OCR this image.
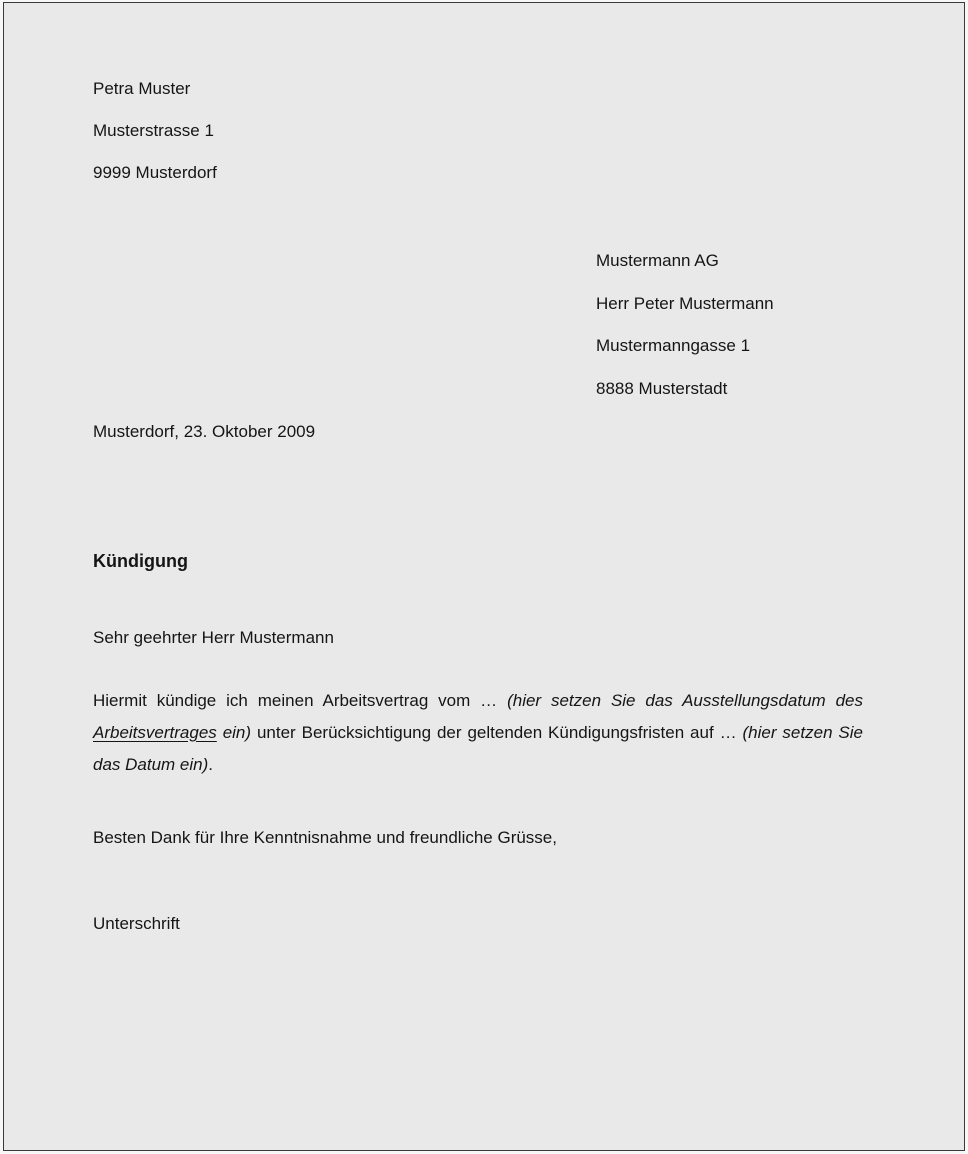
Petra Muster

Musterstrasse 1

9999 Musterdorf

Mustermann AG

Herr Peter Mustermann

Mustermanngasse 1

8888 Musterstadt

Musterdorf, 23. Oktober 2009
Kündigung
Sehr geehrter Herr Mustermann

Hiermit kündige ich meinen Arbeitsvertrag vom … (hier setzen Sie das Ausstellungsdatum des Arbeitsvertrages ein) unter Berücksichtigung der geltenden Kündigungsfristen auf … (hier setzen Sie das Datum ein).

Besten Dank für Ihre Kenntnisnahme und freundliche Grüsse,
Unterschrift
